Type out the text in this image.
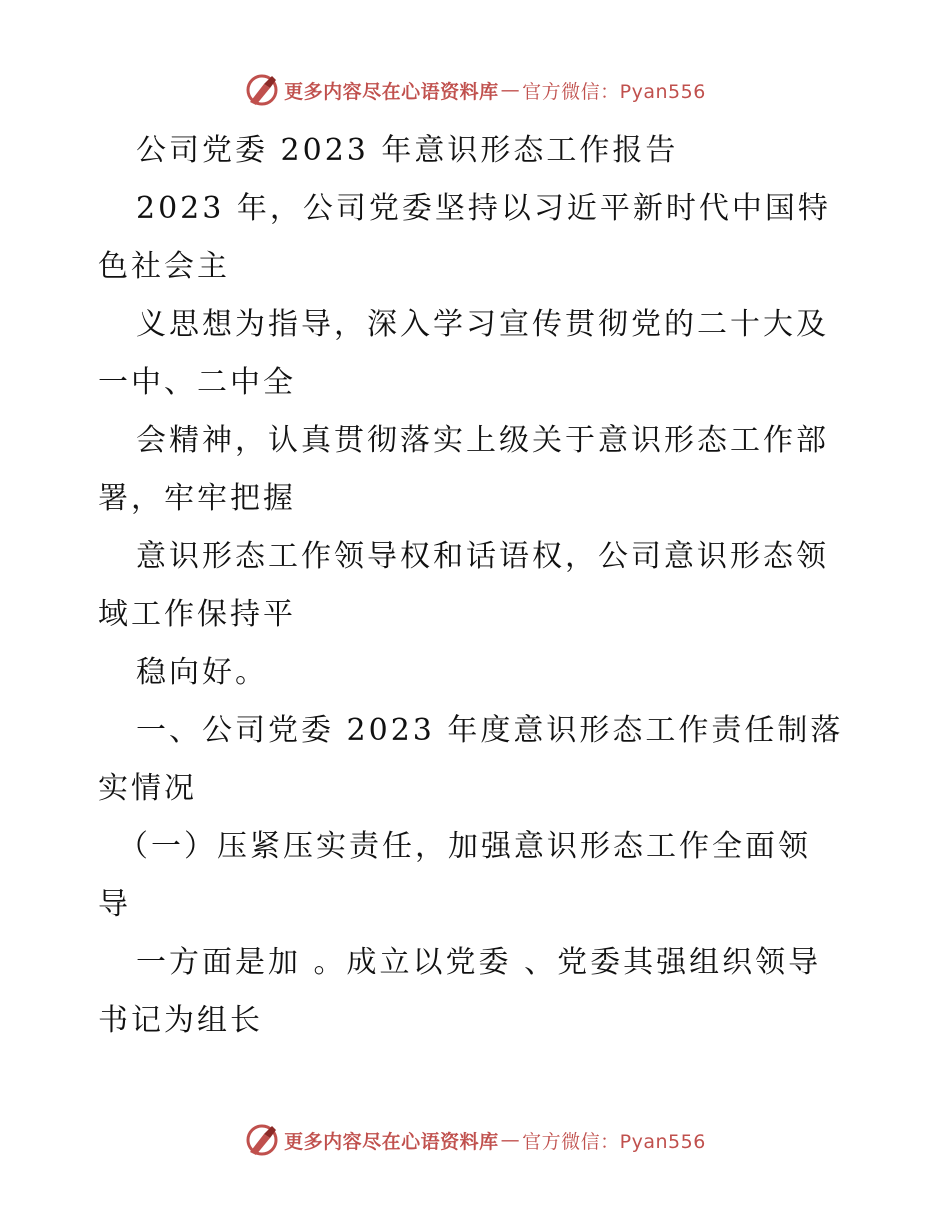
更多内容尽在心语资料库 — 官方微信：Pyan556

公司党委 2023 年意识形态工作报告

2023 年，公司党委坚持以习近平新时代中国特

色社会主

义思想为指导，深入学习宣传贯彻党的二十大及

一中、二中全

会精神，认真贯彻落实上级关于意识形态工作部

署，牢牢把握

意识形态工作领导权和话语权，公司意识形态领

域工作保持平

稳向好。

一、公司党委 2023 年度意识形态工作责任制落

实情况

（一）压紧压实责任，加强意识形态工作全面领

导

一方面是加 。成立以党委 、党委其强组织领导

书记为组长

更多内容尽在心语资料库 — 官方微信：Pyan556
